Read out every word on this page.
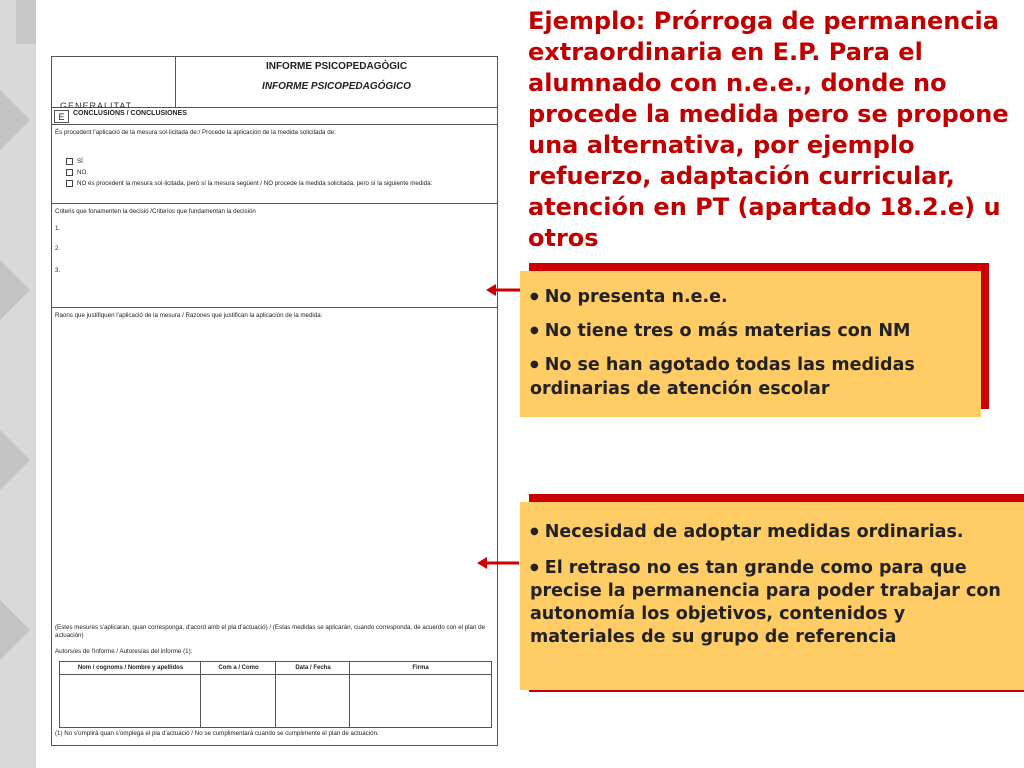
GENERALITAT
INFORME PSICOPEDAGÒGIC
INFORME PSICOPEDAGÓGICO
E	CONCLUSIONS / CONCLUSIONES
És procedent l'aplicació de la mesura sol·licitada de:/ Procede la aplicación de la medida solicitada de:
SÍ
NO
NO és procedent la mesura sol·licitada, però sí la mesura següent / NO procede la medida solicitada, pero sí la siguiente medida:
Criteris que fonamenten la decisió /Criterios que fundamentan la decisión
1.
2.
3.
Raons que justifiquen l'aplicació de la mesura / Razones que justifican la aplicación de la medida:
(Estes mesures s'aplicaran, quan corresponga, d'acord amb el pla d'actuació) / (Estas medidas se aplicarán, cuando corresponda, de acuerdo con el plan de actuación)
Autors/es de l'informe / Autores/as del informe (1):
Nom i cognoms / Nombre y apellidos	Com a / Como	Data / Fecha	Firma
(1) No s'omplirà quan s'omplega el pla d'actuació / No se cumplimentará cuando se cumplimente el plan de actuación.
Ejemplo: Prórroga de permanencia extraordinaria en E.P. Para el alumnado con n.e.e., donde no procede la medida pero se propone una alternativa, por ejemplo refuerzo, adaptación curricular, atención en PT (apartado 18.2.e) u otros
● No presenta n.e.e.
● No tiene tres o más materias con NM
● No se han agotado todas las medidas ordinarias de atención escolar
● Necesidad de adoptar medidas ordinarias.
● El retraso no es tan grande como para que precise la permanencia para poder trabajar con autonomía los objetivos, contenidos y materiales de su grupo de referencia
